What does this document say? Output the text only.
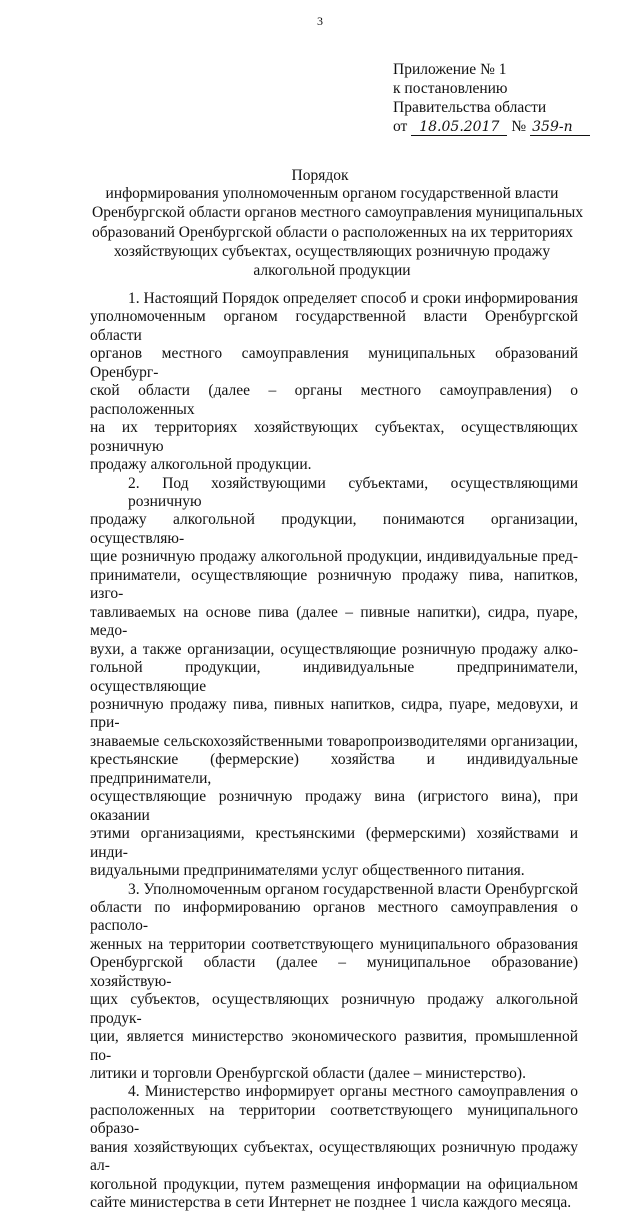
3
Приложение № 1
к постановлению
Правительства области
от 18.05.2017 № 359-п
Порядок
информирования уполномоченным органом государственной власти
Оренбургской области органов местного самоуправления муниципальных
образований Оренбургской области о расположенных на их территориях
хозяйствующих субъектах, осуществляющих розничную продажу
алкогольной продукции
1. Настоящий Порядок определяет способ и сроки информирования
уполномоченным органом государственной власти Оренбургской области
органов местного самоуправления муниципальных образований Оренбург-
ской области (далее – органы местного самоуправления) о расположенных
на их территориях хозяйствующих субъектах, осуществляющих розничную
продажу алкогольной продукции.
2. Под хозяйствующими субъектами, осуществляющими розничную
продажу алкогольной продукции, понимаются организации, осуществляю-
щие розничную продажу алкогольной продукции, индивидуальные пред-
приниматели, осуществляющие розничную продажу пива, напитков, изго-
тавливаемых на основе пива (далее – пивные напитки), сидра, пуаре, медо-
вухи, а также организации, осуществляющие розничную продажу алко-
гольной продукции, индивидуальные предприниматели, осуществляющие
розничную продажу пива, пивных напитков, сидра, пуаре, медовухи, и при-
знаваемые сельскохозяйственными товаропроизводителями организации,
крестьянские (фермерские) хозяйства и индивидуальные предприниматели,
осуществляющие розничную продажу вина (игристого вина), при оказании
этими организациями, крестьянскими (фермерскими) хозяйствами и инди-
видуальными предпринимателями услуг общественного питания.
3. Уполномоченным органом государственной власти Оренбургской
области по информированию органов местного самоуправления о располо-
женных на территории соответствующего муниципального образования
Оренбургской области (далее – муниципальное образование) хозяйствую-
щих субъектов, осуществляющих розничную продажу алкогольной продук-
ции, является министерство экономического развития, промышленной по-
литики и торговли Оренбургской области (далее – министерство).
4. Министерство информирует органы местного самоуправления о
расположенных на территории соответствующего муниципального образо-
вания хозяйствующих субъектах, осуществляющих розничную продажу ал-
когольной продукции, путем размещения информации на официальном
сайте министерства в сети Интернет не позднее 1 числа каждого месяца.
